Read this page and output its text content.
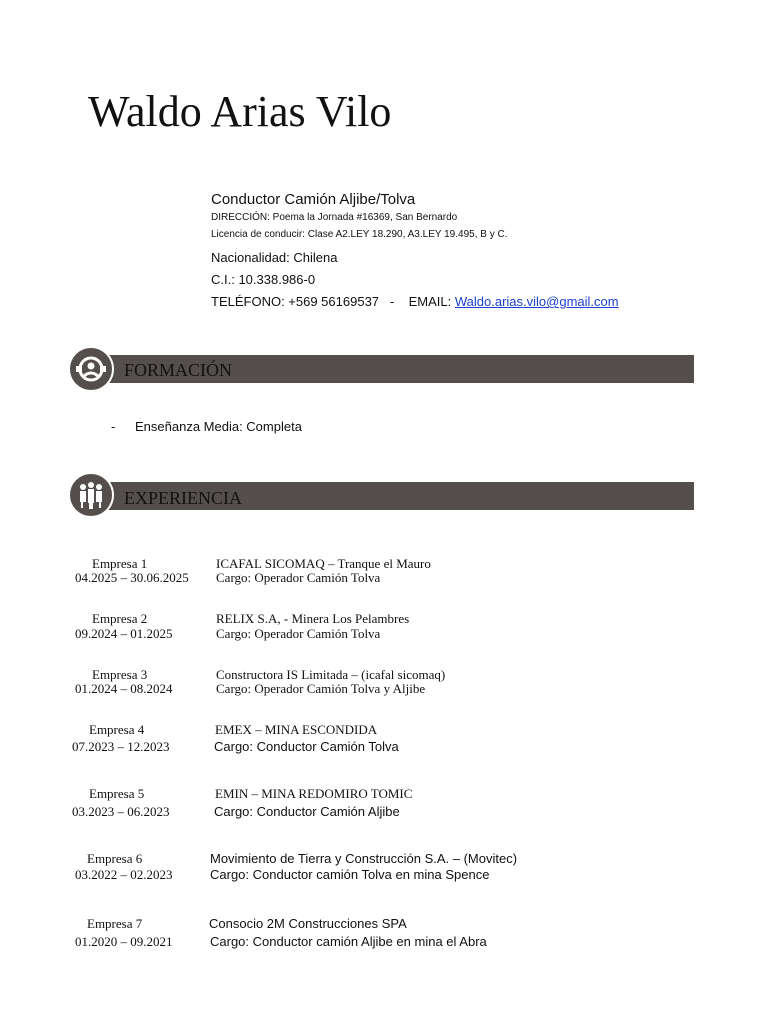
Waldo Arias Vilo
Conductor Camión Aljibe/Tolva
DIRECCIÓN: Poema la Jornada #16369, San Bernardo
Licencia de conducir: Clase A2.LEY 18.290, A3.LEY 19.495, B y C.
Nacionalidad: Chilena
C.I.: 10.338.986-0
TELÉFONO: +569 56169537   -    EMAIL: Waldo.arias.vilo@gmail.com
FORMACIÓN
- Enseñanza Media: Completa
EXPERIENCIA
Empresa 1
04.2025 – 30.06.2025
ICAFAL SICOMAQ – Tranque el Mauro
Cargo: Operador Camión Tolva
Empresa 2
09.2024 – 01.2025
RELIX S.A, - Minera Los Pelambres
Cargo: Operador Camión Tolva
Empresa 3
01.2024 – 08.2024
Constructora IS Limitada – (icafal sicomaq)
Cargo: Operador Camión Tolva y Aljibe
Empresa 4
07.2023 – 12.2023
EMEX – MINA ESCONDIDA
Cargo: Conductor Camión Tolva
Empresa 5
03.2023 – 06.2023
EMIN – MINA REDOMIRO TOMIC
Cargo: Conductor Camión Aljibe
Empresa 6
03.2022 – 02.2023
Movimiento de Tierra y Construcción S.A. – (Movitec)
Cargo: Conductor camión Tolva en mina Spence
Empresa 7
01.2020 – 09.2021
Consocio 2M Construcciones SPA
Cargo: Conductor camión Aljibe en mina el Abra
